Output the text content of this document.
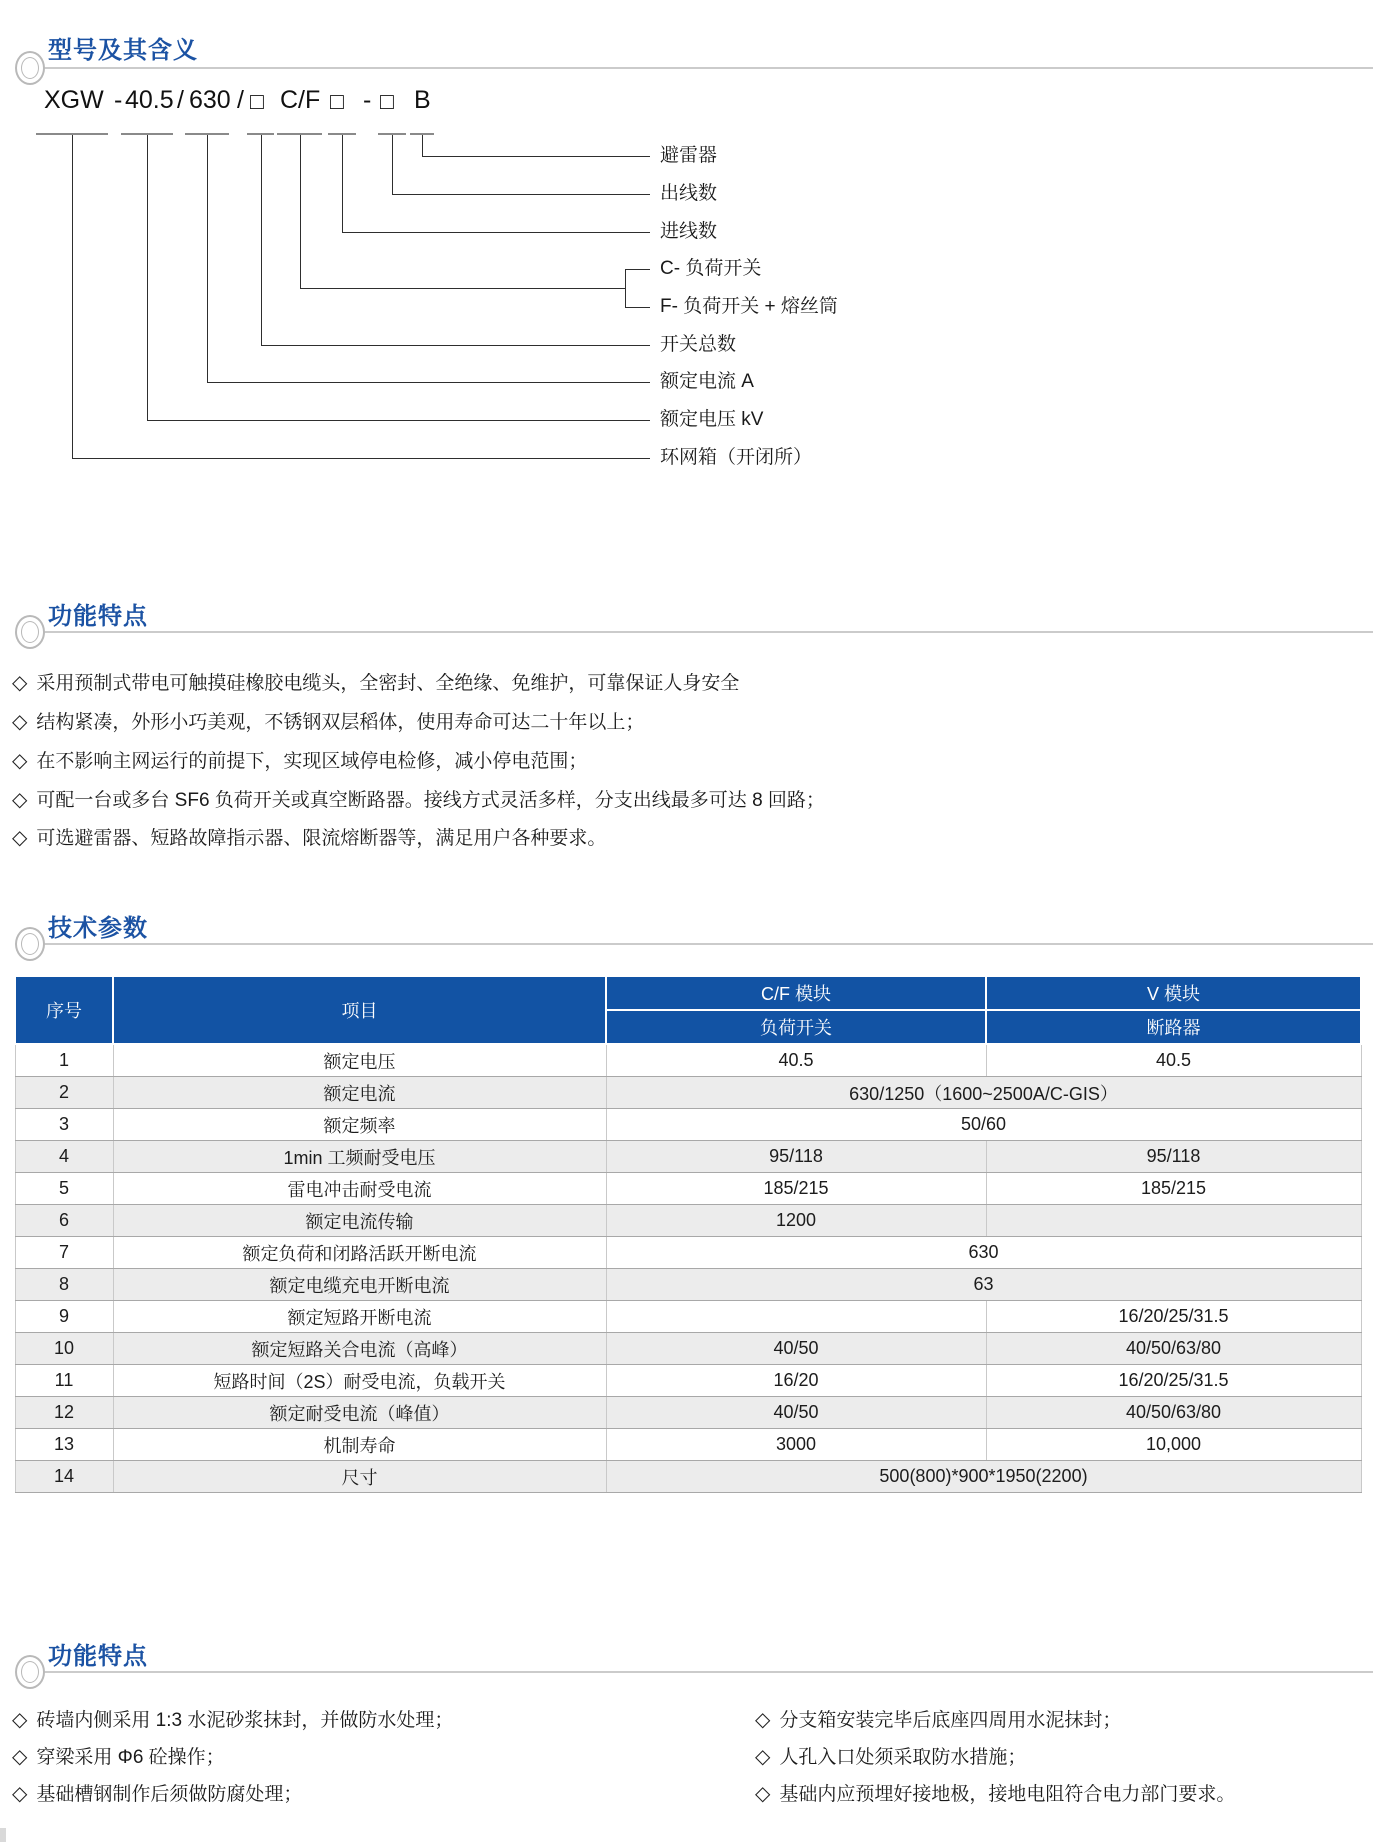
型号及其含义
XGW - 40.5 / 630 / □ C/F □ - □ B
避雷器
出线数
进线数
C- 负荷开关
F- 负荷开关 + 熔丝筒
开关总数
额定电流 A
额定电压 kV
环网箱（开闭所）
功能特点
◇ 采用预制式带电可触摸硅橡胶电缆头，全密封、全绝缘、免维护，可靠保证人身安全
◇ 结构紧凑，外形小巧美观，不锈钢双层稻体，使用寿命可达二十年以上；
◇ 在不影响主网运行的前提下，实现区域停电检修，减小停电范围；
◇ 可配一台或多台 SF6 负荷开关或真空断路器。接线方式灵活多样，分支出线最多可达 8 回路；
◇ 可选避雷器、短路故障指示器、限流熔断器等，满足用户各种要求。
技术参数
序号	项目	C/F 模块	V 模块
		负荷开关	断路器
1	额定电压	40.5	40.5
2	额定电流	630/1250（1600~2500A/C-GIS）	
3	额定频率	50/60	
4	1min 工频耐受电压	95/118	95/118
5	雷电冲击耐受电流	185/215	185/215
6	额定电流传输	1200	
7	额定负荷和闭路活跃开断电流	630	
8	额定电缆充电开断电流	63	
9	额定短路开断电流		16/20/25/31.5
10	额定短路关合电流（高峰）	40/50	40/50/63/80
11	短路时间（2S）耐受电流，负载开关	16/20	16/20/25/31.5
12	额定耐受电流（峰值）	40/50	40/50/63/80
13	机制寿命	3000	10,000
14	尺寸	500(800)*900*1950(2200)	
功能特点
◇ 砖墙内侧采用 1:3 水泥砂浆抹封，并做防水处理；
◇ 穿梁采用 Φ6 砼操作；
◇ 基础槽钢制作后须做防腐处理；
◇ 分支箱安装完毕后底座四周用水泥抹封；
◇ 人孔入口处须采取防水措施；
◇ 基础内应预埋好接地极，接地电阻符合电力部门要求。
